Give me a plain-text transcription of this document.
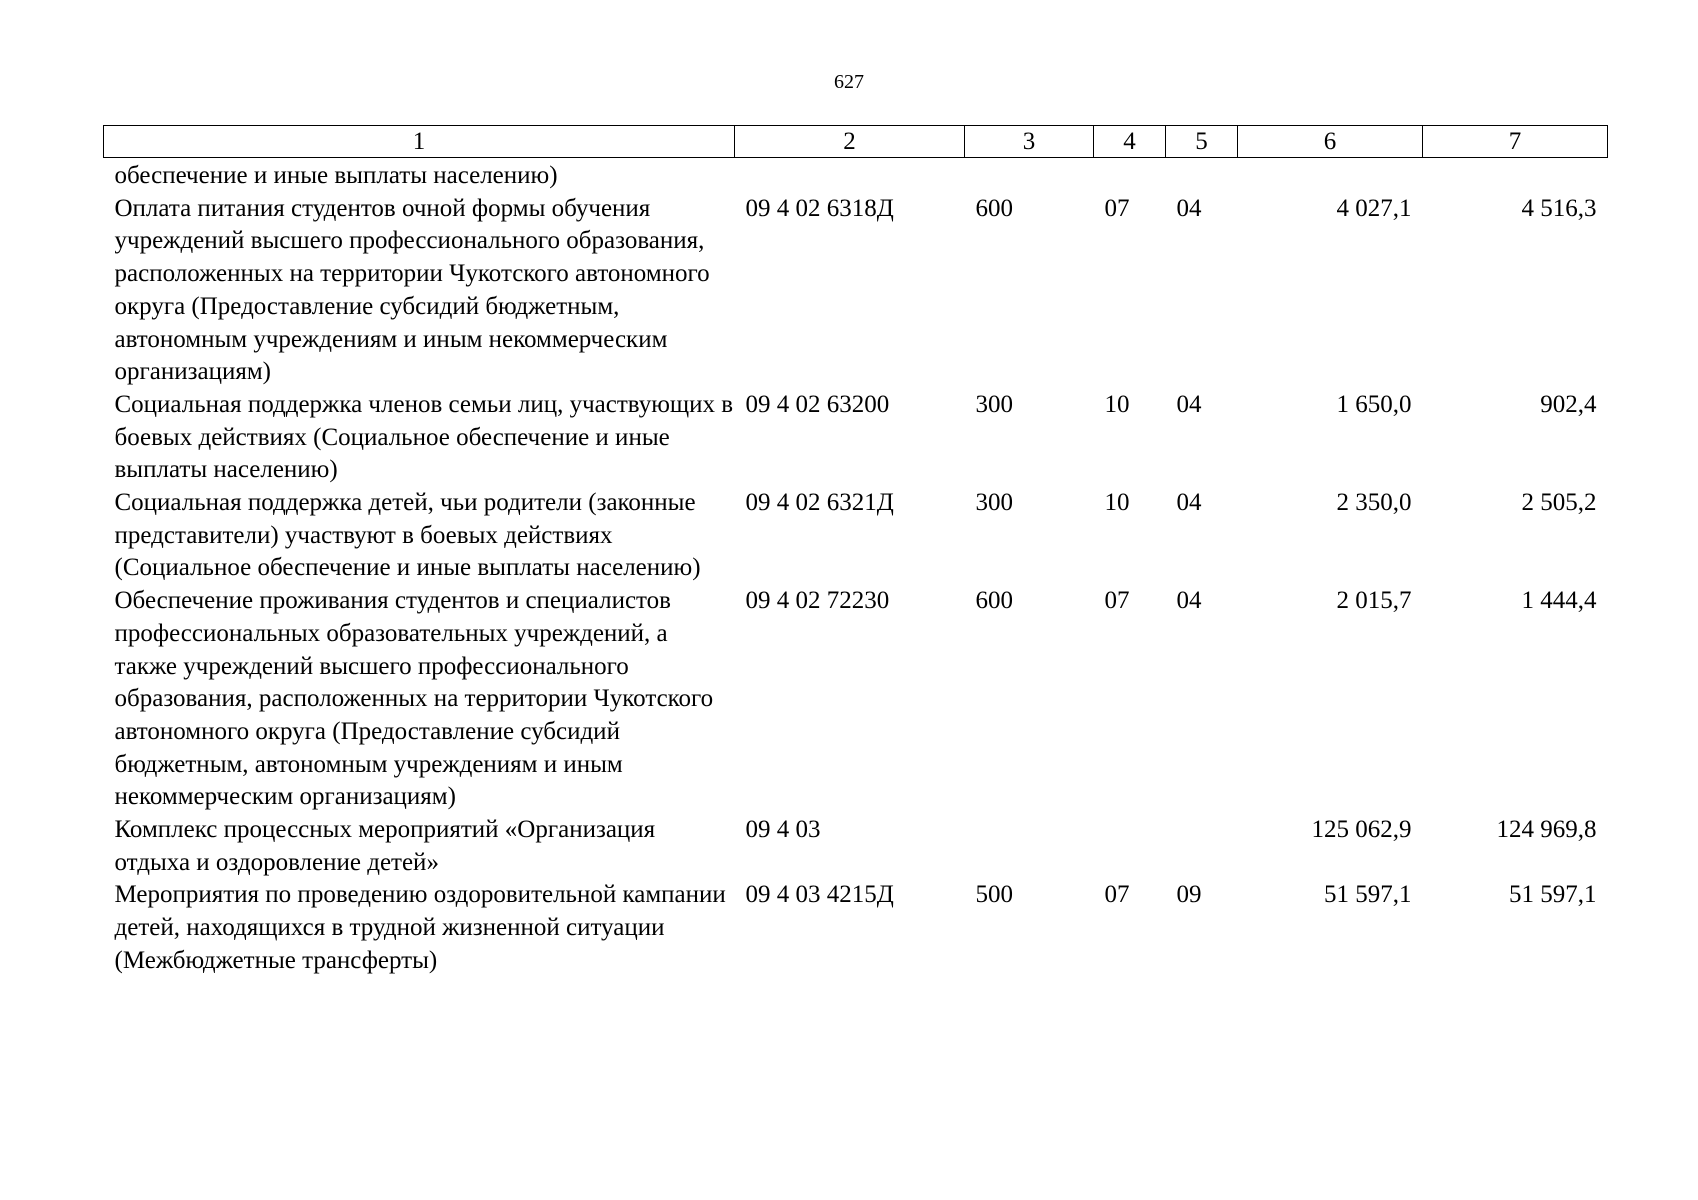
627
1	2	3	4	5	6	7
обеспечение и иные выплаты населению)						
Оплата питания студентов очной формы обучения учреждений высшего профессионального образования, расположенных на территории Чукотского автономного округа (Предоставление субсидий бюджетным, автономным учреждениям и иным некоммерческим организациям)	09 4 02 6318Д	600	07	04	4 027,1	4 516,3
Социальная поддержка членов семьи лиц, участвующих в боевых действиях (Социальное обеспечение и иные выплаты населению)	09 4 02 63200	300	10	04	1 650,0	902,4
Социальная поддержка детей, чьи родители (законные представители) участвуют в боевых действиях (Социальное обеспечение и иные выплаты населению)	09 4 02 6321Д	300	10	04	2 350,0	2 505,2
Обеспечение проживания студентов и специалистов профессиональных образовательных учреждений, а также учреждений высшего профессионального образования, расположенных на территории Чукотского автономного округа (Предоставление субсидий бюджетным, автономным учреждениям и иным некоммерческим организациям)	09 4 02 72230	600	07	04	2 015,7	1 444,4
Комплекс процессных мероприятий «Организация отдыха и оздоровление детей»	09 4 03				125 062,9	124 969,8
Мероприятия по проведению оздоровительной кампании детей, находящихся в трудной жизненной ситуации (Межбюджетные трансферты)	09 4 03 4215Д	500	07	09	51 597,1	51 597,1
